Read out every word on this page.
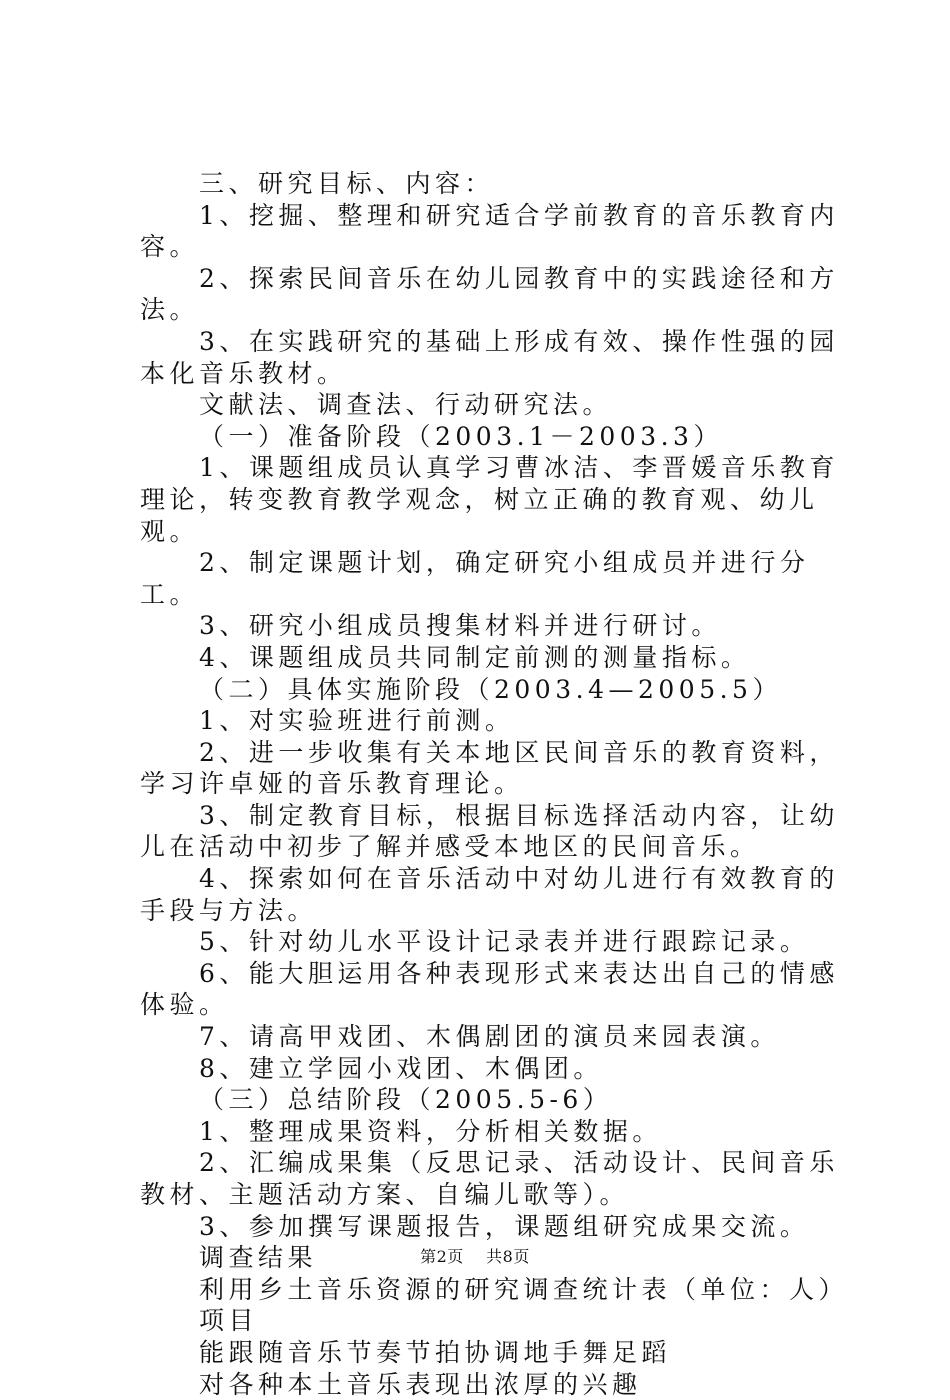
三、研究目标、内容：

1、挖掘、整理和研究适合学前教育的音乐教育内容。

2、探索民间音乐在幼儿园教育中的实践途径和方法。

3、在实践研究的基础上形成有效、操作性强的园本化音乐教材。

文献法、调查法、行动研究法。

（一）准备阶段（2003.1－2003.3）

1、课题组成员认真学习曹冰洁、李晋媛音乐教育理论，转变教育教学观念，树立正确的教育观、幼儿观。

2、制定课题计划，确定研究小组成员并进行分工。

3、研究小组成员搜集材料并进行研讨。

4、课题组成员共同制定前测的测量指标。

（二）具体实施阶段（2003.4—2005.5）

1、对实验班进行前测。

2、进一步收集有关本地区民间音乐的教育资料，学习许卓娅的音乐教育理论。

3、制定教育目标，根据目标选择活动内容，让幼儿在活动中初步了解并感受本地区的民间音乐。

4、探索如何在音乐活动中对幼儿进行有效教育的手段与方法。

5、针对幼儿水平设计记录表并进行跟踪记录。

6、能大胆运用各种表现形式来表达出自己的情感体验。

7、请高甲戏团、木偶剧团的演员来园表演。

8、建立学园小戏团、木偶团。

（三）总结阶段（2005.5-6）

1、整理成果资料，分析相关数据。

2、汇编成果集（反思记录、活动设计、民间音乐教材、主题活动方案、自编儿歌等）。

3、参加撰写课题报告，课题组研究成果交流。

调查结果

利用乡土音乐资源的研究调查统计表（单位：人）项目

能跟随音乐节奏节拍协调地手舞足蹈

对各种本土音乐表现出浓厚的兴趣

第2页 共8页
